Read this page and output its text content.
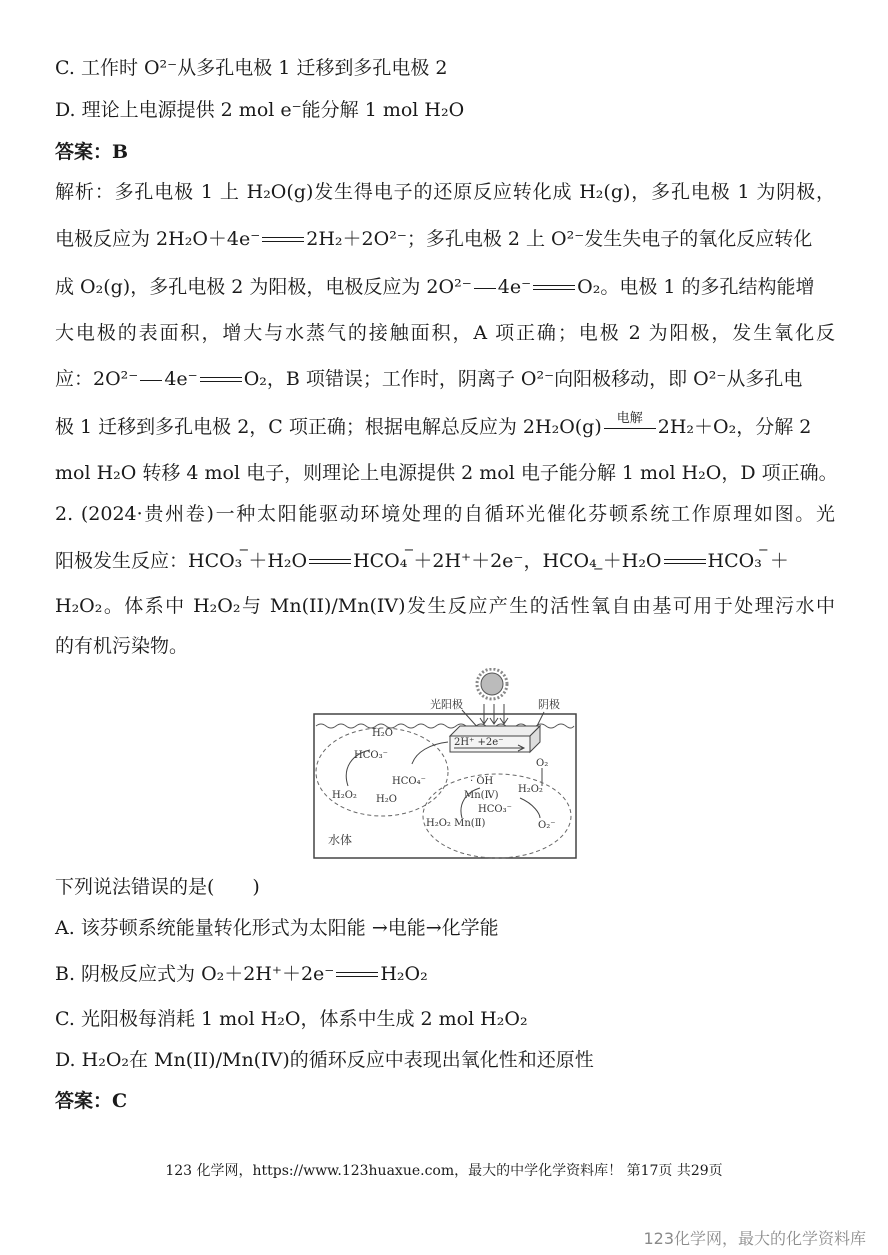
C. 工作时 O²⁻从多孔电极 1 迁移到多孔电极 2
D. 理论上电源提供 2 mol e⁻能分解 1 mol H₂O
答案：B
解析：多孔电极 1 上 H₂O(g)发生得电子的还原反应转化成 H₂(g)，多孔电极 1 为阴极，
电极反应为 2H₂O＋4e⁻ 2H₂＋2O²⁻；多孔电极 2 上 O²⁻发生失电子的氧化反应转化
成 O₂(g)，多孔电极 2 为阳极，电极反应为 2O²⁻ 4e⁻ O₂。电极 1 的多孔结构能增
大电极的表面积，增大与水蒸气的接触面积，A 项正确；电极 2 为阳极，发生氧化反
应：2O²⁻ 4e⁻ O₂，B 项错误；工作时，阴离子 O²⁻向阳极移动，即 O²⁻从多孔电
极 1 迁移到多孔电极 2，C 项正确；根据电解总反应为 2H₂O(g)	电解 2H₂＋O₂，分解 2
mol H₂O 转移 4 mol 电子，则理论上电源提供 2 mol 电子能分解 1 mol H₂O，D 项正确。
2. (2024·贵州卷)一种太阳能驱动环境处理的自循环光催化芬顿系统工作原理如图。光
阳极发生反应：HCO₃
− ＋H₂O HCO₄
− ＋2H⁺＋2e⁻，HCO₄
− ＋H₂O HCO₃
− ＋
H₂O₂。体系中 H₂O₂与 Mn(II)/Mn(IV)发生反应产生的活性氧自由基可用于处理污水中
的有机污染物。
光阳极	阴极
2H⁺ +2e⁻
O₂
H₂O
HCO₃⁻
HCO₄⁻
H₂O₂ H₂O
· OH
Mn(Ⅳ)
H₂O₂
HCO₃⁻
H₂O₂ Mn(Ⅱ)	O₂⁻
水体
下列说法错误的是(　　)
A. 该芬顿系统能量转化形式为太阳能 →电能→化学能
B. 阴极反应式为 O₂＋2H⁺＋2e⁻ H₂O₂
C. 光阳极每消耗 1 mol H₂O，体系中生成 2 mol H₂O₂
D. H₂O₂在 Mn(II)/Mn(IV)的循环反应中表现出氧化性和还原性
答案：C
123 化学网，https://www.123huaxue.com，最大的中学化学资料库！ 第17页 共29页
123化学网，最大的化学资料库
